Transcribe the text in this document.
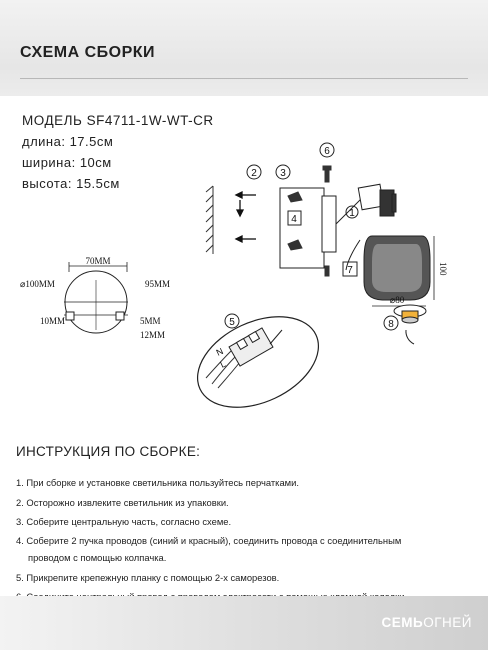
СХЕМА СБОРКИ
МОДЕЛЬ SF4711-1W-WT-CR
длина: 17.5см
ширина: 10см
высота: 15.5см
1
2 3
4
5
6
7
8
100
⌀80
70MM
⌀100MM	95MM
10MM	5MM
12MM
N
L
ИНСТРУКЦИЯ ПО СБОРКЕ:
1. При сборке и установке светильника пользуйтесь перчатками.
2. Осторожно извлеките светильник из упаковки.
3. Соберите центральную часть, согласно схеме.
4. Соберите 2 пучка проводов (синий и красный), соединить провода с соединительным
проводом с помощью колпачка.
5. Прикрепите крепежную планку с помощью 2-х саморезов.
СЕМЬОГНЕЙ
